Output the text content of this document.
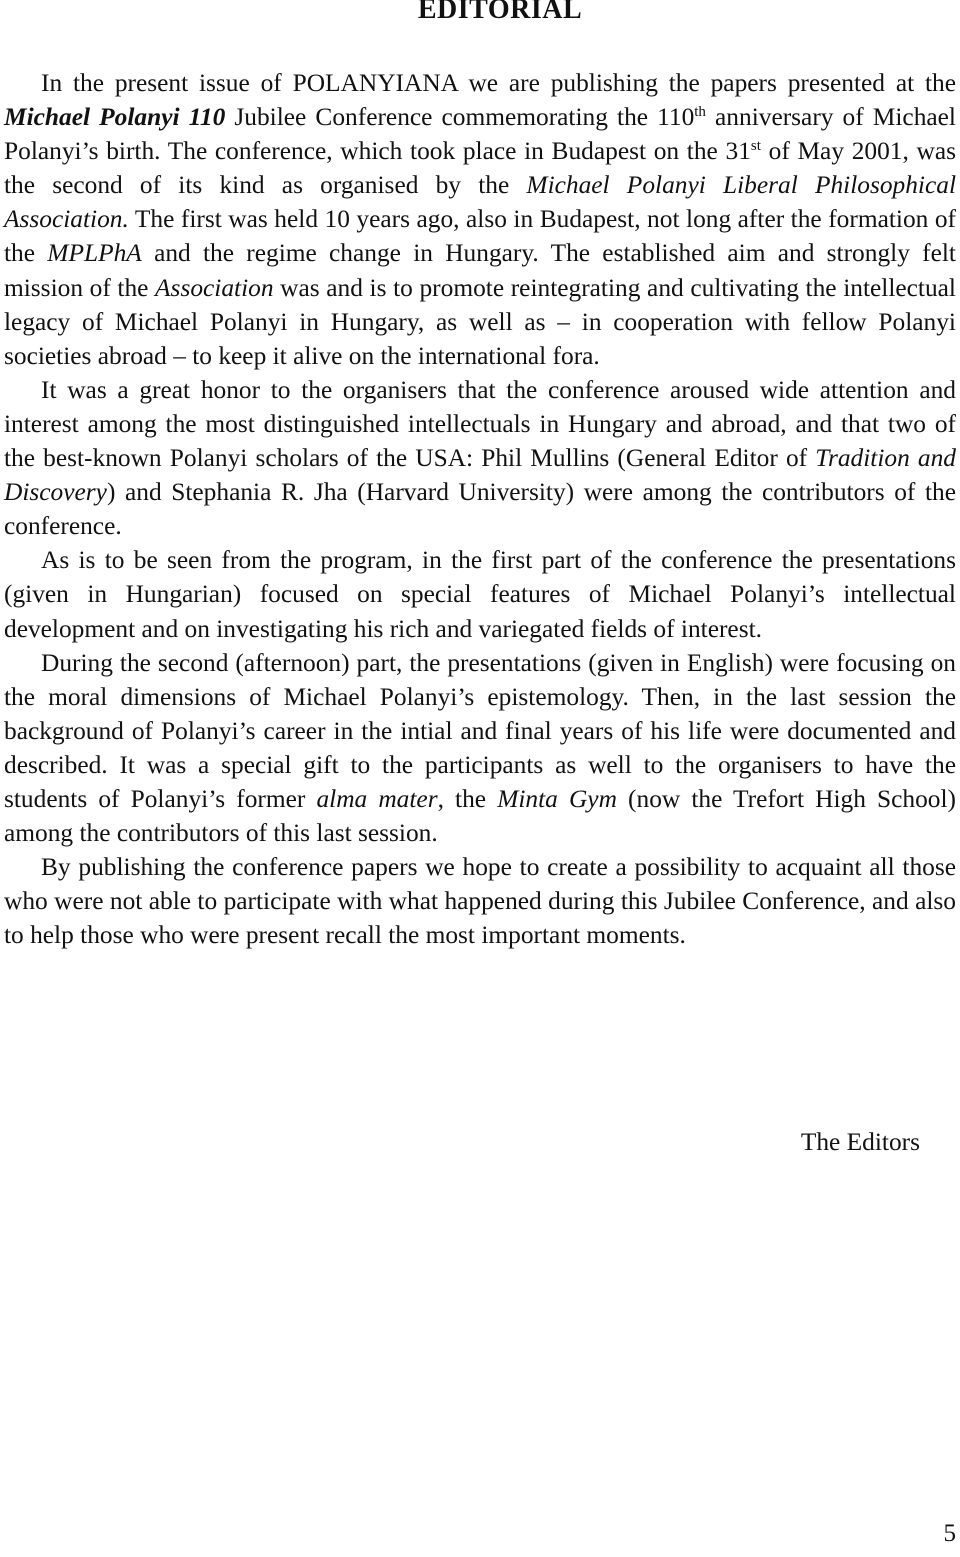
EDITORIAL

In the present issue of POLANYIANA we are publishing the papers presented at the Michael Polanyi 110 Jubilee Conference commemorating the 110th anniversary of Michael Polanyi’s birth. The conference, which took place in Budapest on the 31st of May 2001, was the second of its kind as organised by the Michael Polanyi Liberal Philosophical Association. The first was held 10 years ago, also in Budapest, not long after the formation of the MPLPhA and the regime change in Hungary. The established aim and strongly felt mission of the Association was and is to promote reintegrating and cultivating the intellectual legacy of Michael Polanyi in Hungary, as well as – in cooperation with fellow Polanyi societies abroad – to keep it alive on the international fora.

It was a great honor to the organisers that the conference aroused wide attention and interest among the most distinguished intellectuals in Hungary and abroad, and that two of the best-known Polanyi scholars of the USA: Phil Mullins (General Editor of Tradition and Discovery) and Stephania R. Jha (Harvard University) were among the contributors of the conference.

As is to be seen from the program, in the first part of the conference the presentations (given in Hungarian) focused on special features of Michael Polanyi’s intellectual development and on investigating his rich and variegated fields of interest.

During the second (afternoon) part, the presentations (given in English) were focusing on the moral dimensions of Michael Polanyi’s epistemology. Then, in the last session the background of Polanyi’s career in the intial and final years of his life were documented and described. It was a special gift to the participants as well to the organisers to have the students of Polanyi’s former alma mater, the Minta Gym (now the Trefort High School) among the contributors of this last session.

By publishing the conference papers we hope to create a possibility to acquaint all those who were not able to participate with what happened during this Jubilee Conference, and also to help those who were present recall the most important moments.

The Editors

5
